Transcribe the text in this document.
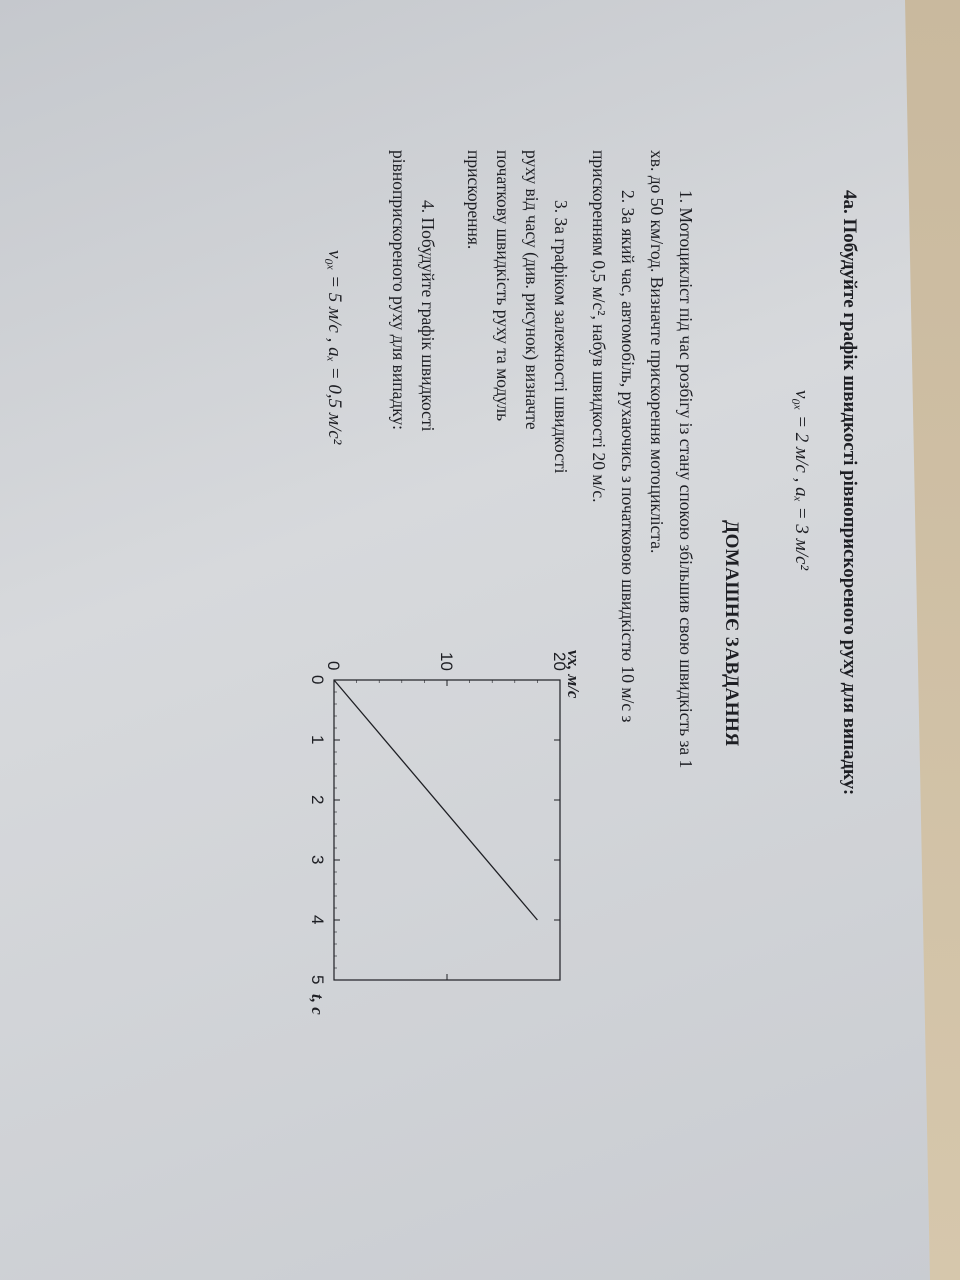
4а. Побудуйте графік швидкості рівноприскореного руху для випадку:
v₀ₓ = 2 м/с , aₓ = 3 м/с²
ДОМАШНЄ ЗАВДАННЯ
1. Мотоцикліст під час розбігу із стану спокою збільшив свою швидкість за 1
хв. до 50 км/год. Визначте прискорення мотоцикліста.
2. За який час, автомобіль, рухаючись з початковою швидкістю 10 м/с з
прискоренням 0,5 м/с², набув швидкості 20 м/с.
3. За графіком залежності швидкості
руху від часу (див. рисунок) визначте
початкову швидкість руху та модуль
прискорення.
4. Побудуйте графік швидкості
рівноприскореного руху для випадку:
v₀ₓ = 5 м/с , aₓ = 0,5 м/с²
0
1
2
3
4
5
0	10	20
vx, м/с
t, c
